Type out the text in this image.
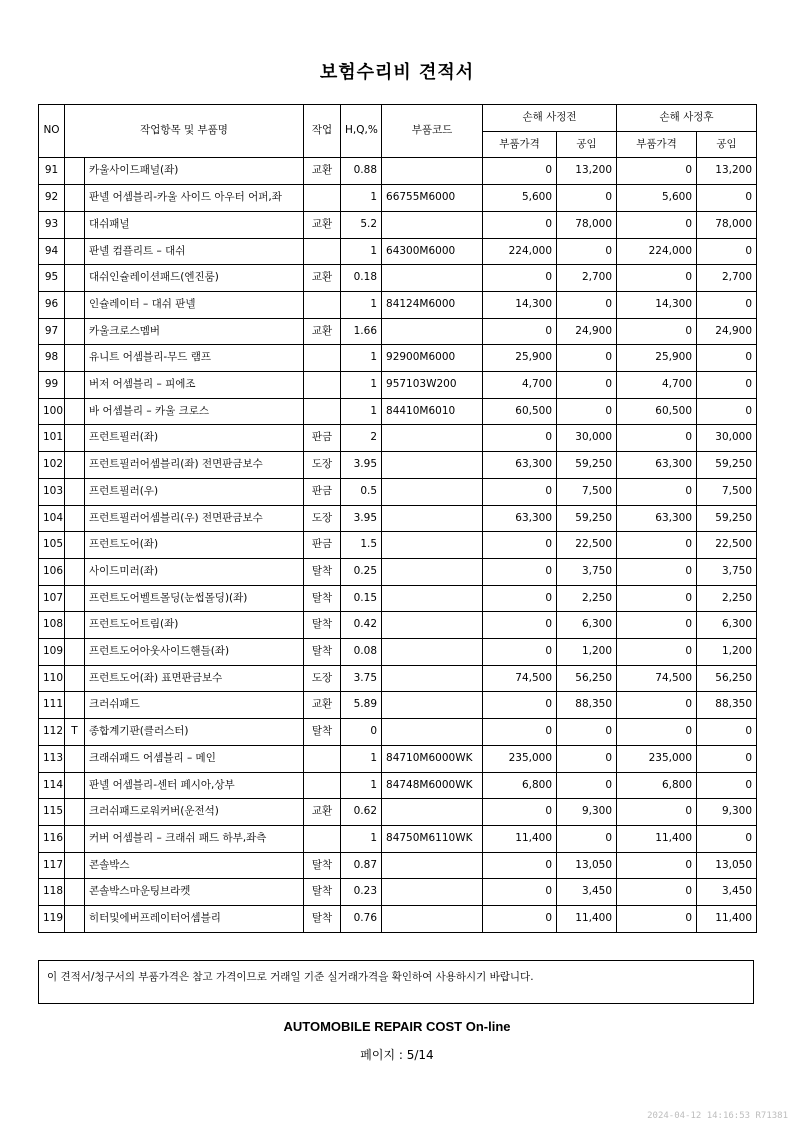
보험수리비 견적서
NO	작업항목 및 부품명		작업	H,Q,%	부품코드	손해 사정전		손해 사정후	
						부품가격	공임	부품가격	공임
91		카울사이드패널(좌)	교환	0.88		0	13,200	0	13,200
92		판넬 어셈블리-카울 사이드 아우터 어퍼,좌		1	66755M6000	5,600	0	5,600	0
93		대쉬패널	교환	5.2		0	78,000	0	78,000
94		판넬 컴플리트 – 대쉬		1	64300M6000	224,000	0	224,000	0
95		대쉬인슐레이션패드(엔진룸)	교환	0.18		0	2,700	0	2,700
96		인슐레이터 – 대쉬 판넬		1	84124M6000	14,300	0	14,300	0
97		카울크로스멤버	교환	1.66		0	24,900	0	24,900
98		유니트 어셈블리-무드 램프		1	92900M6000	25,900	0	25,900	0
99		버저 어셈블리 – 피에조		1	957103W200	4,700	0	4,700	0
100		바 어셈블리 – 카울 크로스		1	84410M6010	60,500	0	60,500	0
101		프런트필러(좌)	판금	2		0	30,000	0	30,000
102		프런트필러어셈블리(좌) 전면판금보수	도장	3.95		63,300	59,250	63,300	59,250
103		프런트필러(우)	판금	0.5		0	7,500	0	7,500
104		프런트필러어셈블리(우) 전면판금보수	도장	3.95		63,300	59,250	63,300	59,250
105		프런트도어(좌)	판금	1.5		0	22,500	0	22,500
106		사이드미러(좌)	탈착	0.25		0	3,750	0	3,750
107		프런트도어벨트몰딩(눈썹몰딩)(좌)	탈착	0.15		0	2,250	0	2,250
108		프런트도어트림(좌)	탈착	0.42		0	6,300	0	6,300
109		프런트도어아웃사이드핸들(좌)	탈착	0.08		0	1,200	0	1,200
110		프런트도어(좌) 표면판금보수	도장	3.75		74,500	56,250	74,500	56,250
111		크러쉬패드	교환	5.89		0	88,350	0	88,350
112	T	종합계기판(클러스터)	탈착	0		0	0	0	0
113		크래쉬패드 어셈블리 – 메인		1	84710M6000WK	235,000	0	235,000	0
114		판넬 어셈블리-센터 페시아,상부		1	84748M6000WK	6,800	0	6,800	0
115		크러쉬패드로워커버(운전석)	교환	0.62		0	9,300	0	9,300
116		커버 어셈블리 – 크래쉬 패드 하부,좌측		1	84750M6110WK	11,400	0	11,400	0
117		콘솔박스	탈착	0.87		0	13,050	0	13,050
118		콘솔박스마운팅브라켓	탈착	0.23		0	3,450	0	3,450
119		히터및에버프레이터어셈블리	탈착	0.76		0	11,400	0	11,400
이 견적서/청구서의 부품가격은 참고 가격이므로 거래일 기준 실거래가격을 확인하여 사용하시기 바랍니다.
AUTOMOBILE REPAIR COST On-line
페이지 : 5/14
2024-04-12 14:16:53 R71381
